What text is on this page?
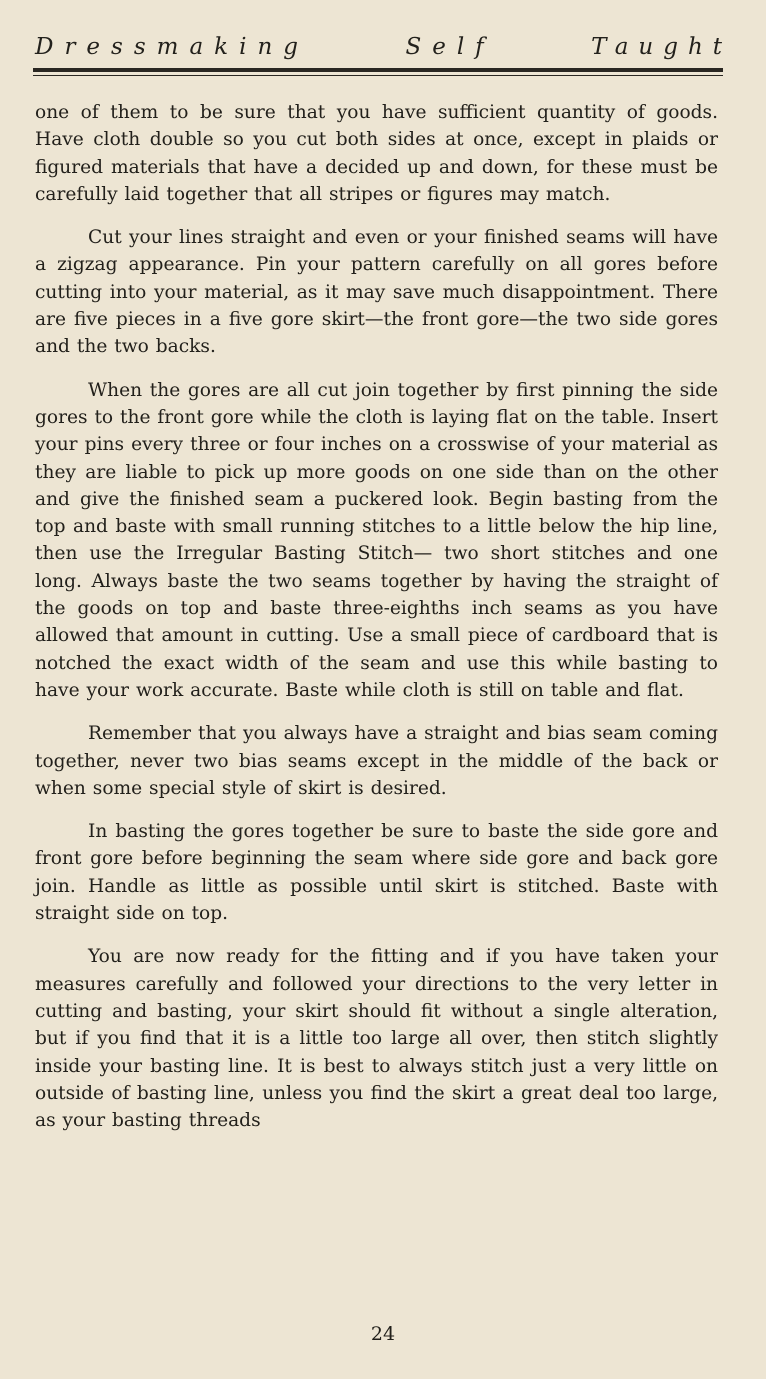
Dressmaking	Self	Taught

one of them to be sure that you have sufficient quantity of goods. Have cloth double so you cut both sides at once, except in plaids or figured materials that have a decided up and down, for these must be carefully laid together that all stripes or figures may match.

Cut your lines straight and even or your finished seams will have a zigzag appearance. Pin your pattern carefully on all gores before cutting into your material, as it may save much disappointment. There are five pieces in a five gore skirt—the front gore—the two side gores and the two backs.

When the gores are all cut join together by first pinning the side gores to the front gore while the cloth is laying flat on the table. Insert your pins every three or four inches on a crosswise of your material as they are liable to pick up more goods on one side than on the other and give the finished seam a puckered look. Begin basting from the top and baste with small running stitches to a little below the hip line, then use the Irregular Basting Stitch— two short stitches and one long. Always baste the two seams together by having the straight of the goods on top and baste three-eighths inch seams as you have allowed that amount in cutting. Use a small piece of cardboard that is notched the exact width of the seam and use this while basting to have your work accurate. Baste while cloth is still on table and flat.

Remember that you always have a straight and bias seam coming together, never two bias seams except in the middle of the back or when some special style of skirt is desired.

In basting the gores together be sure to baste the side gore and front gore before beginning the seam where side gore and back gore join. Handle as little as possible until skirt is stitched. Baste with straight side on top.

You are now ready for the fitting and if you have taken your measures carefully and followed your directions to the very letter in cutting and basting, your skirt should fit without a single alteration, but if you find that it is a little too large all over, then stitch slightly inside your basting line. It is best to always stitch just a very little on outside of basting line, unless you find the skirt a great deal too large, as your basting threads

24
